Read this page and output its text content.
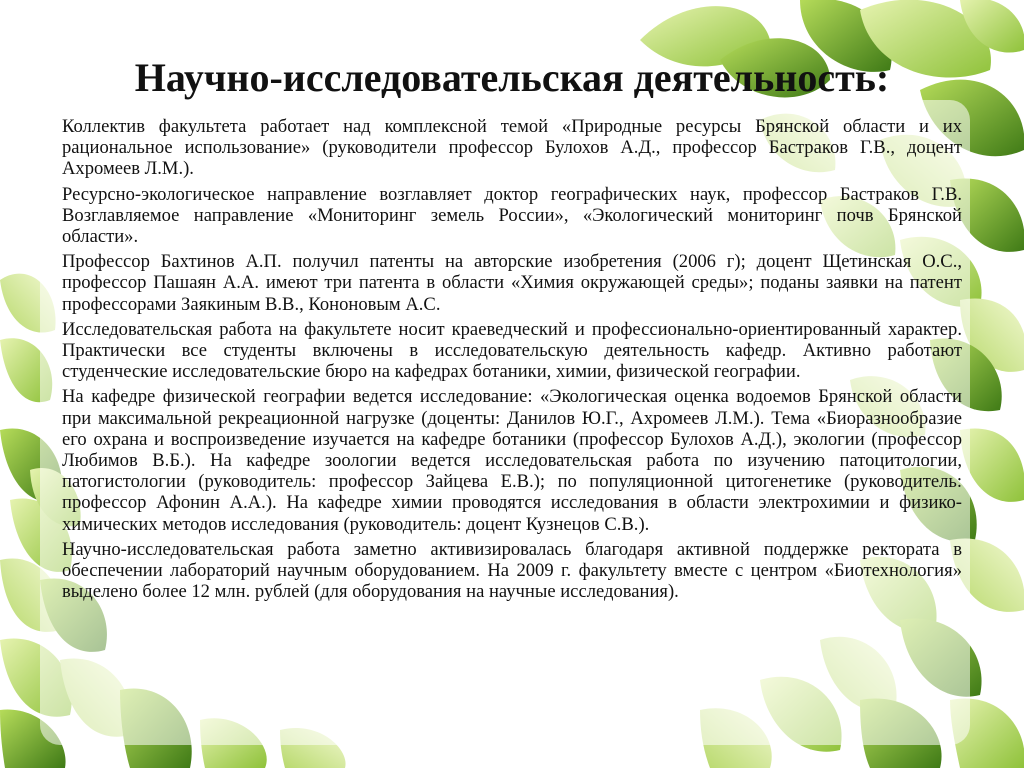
Научно-исследовательская деятельность:

Коллектив факультета работает над комплексной темой «Природные ресурсы Брянской области и их рациональное использование» (руководители профессор Булохов А.Д., профессор Бастраков Г.В., доцент Ахромеев Л.М.).

Ресурсно-экологическое направление возглавляет доктор географических наук, профессор Бастраков Г.В. Возглавляемое направление «Мониторинг земель России», «Экологический мониторинг почв Брянской области».

Профессор Бахтинов А.П. получил патенты на авторские изобретения (2006 г); доцент Щетинская О.С., профессор Пашаян А.А. имеют три патента в области «Химия окружающей среды»; поданы заявки на патент профессорами Заякиным В.В., Кононовым А.С.

Исследовательская работа на факультете носит краеведческий и профессионально-ориентированный характер. Практически все студенты включены в исследовательскую деятельность кафедр. Активно работают студенческие исследовательские бюро на кафедрах ботаники, химии, физической географии.

На кафедре физической географии ведется исследование: «Экологическая оценка водоемов Брянской области при максимальной рекреационной нагрузке (доценты: Данилов Ю.Г., Ахромеев Л.М.). Тема «Биоразнообразие его охрана и воспроизведение изучается на кафедре ботаники (профессор Булохов А.Д.), экологии (профессор Любимов В.Б.). На кафедре зоологии ведется исследовательская работа по изучению патоцитологии, патогистологии (руководитель: профессор Зайцева Е.В.); по популяционной цитогенетике (руководитель: профессор Афонин А.А.). На кафедре химии проводятся исследования в области электрохимии и физико-химических методов исследования (руководитель: доцент Кузнецов С.В.).

Научно-исследовательская работа заметно активизировалась благодаря активной поддержке ректората в обеспечении лабораторий научным оборудованием. На 2009 г. факультету вместе с центром «Биотехнология» выделено более 12 млн. рублей (для оборудования на научные исследования).
